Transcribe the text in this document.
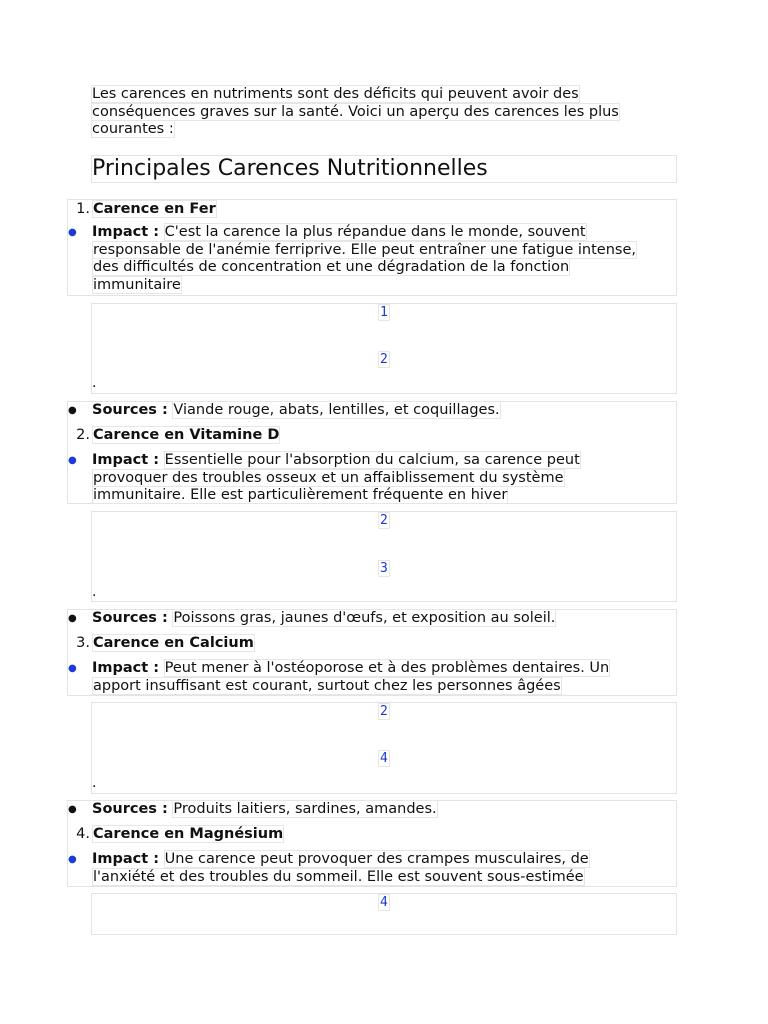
Les carences en nutriments sont des déficits qui peuvent avoir des

conséquences graves sur la santé. Voici un aperçu des carences les plus

courantes :

Principales Carences Nutritionnelles
1. Carence en Fer
● Impact : C'est la carence la plus répandue dans le monde, souvent
responsable de l'anémie ferriprive. Elle peut entraîner une fatigue intense,
des difficultés de concentration et une dégradation de la fonction
immunitaire
1
2
.
● Sources : Viande rouge, abats, lentilles, et coquillages.
2. Carence en Vitamine D
● Impact : Essentielle pour l'absorption du calcium, sa carence peut
provoquer des troubles osseux et un affaiblissement du système
immunitaire. Elle est particulièrement fréquente en hiver
2
3
.
● Sources : Poissons gras, jaunes d'œufs, et exposition au soleil.
3. Carence en Calcium
● Impact : Peut mener à l'ostéoporose et à des problèmes dentaires. Un
apport insuffisant est courant, surtout chez les personnes âgées
2
4
.
● Sources : Produits laitiers, sardines, amandes.
4. Carence en Magnésium
● Impact : Une carence peut provoquer des crampes musculaires, de
l'anxiété et des troubles du sommeil. Elle est souvent sous-estimée
4
